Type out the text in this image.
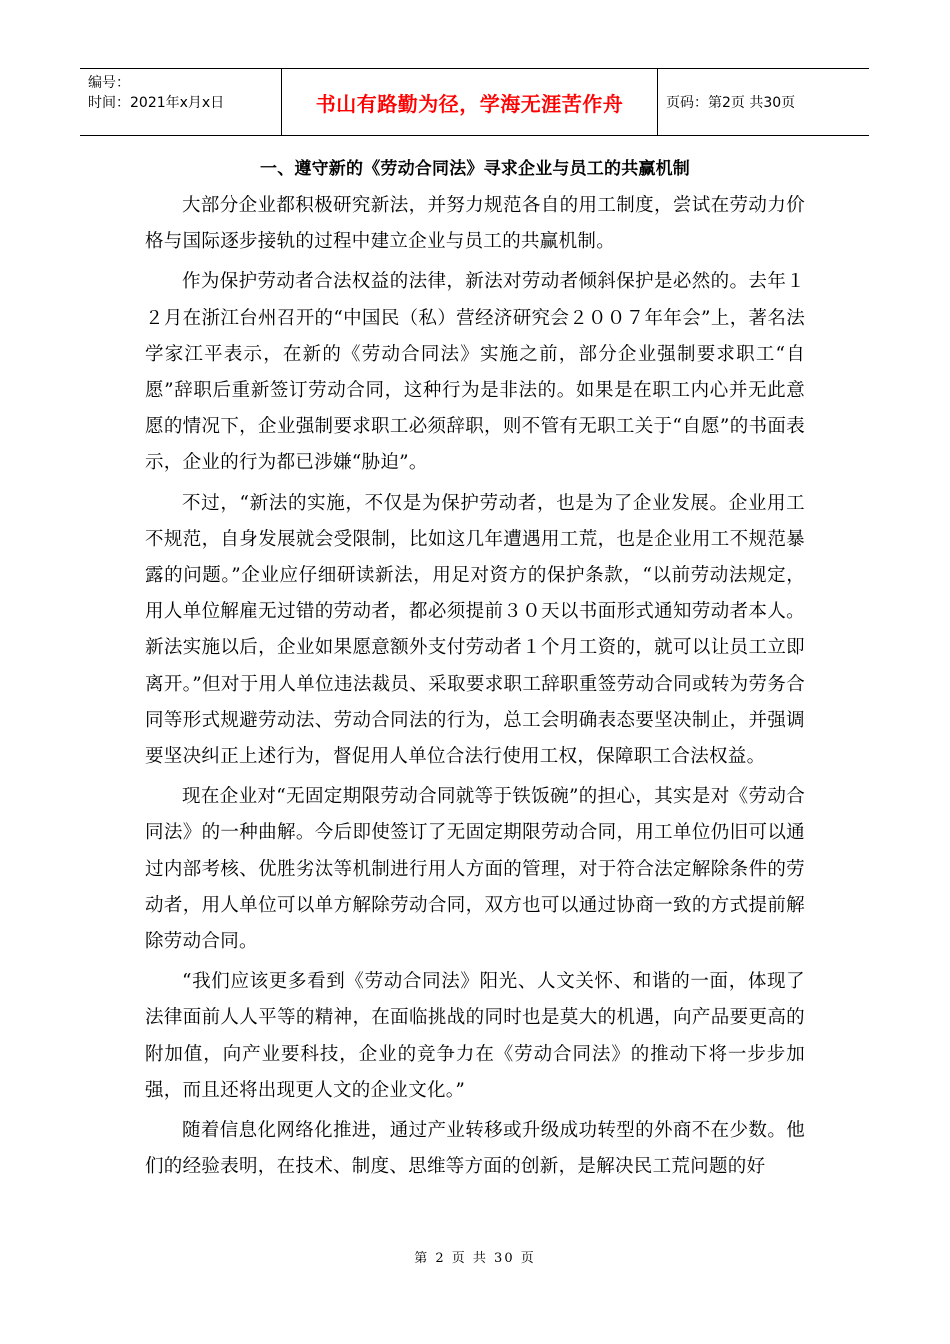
编号：
时间：2021年x月x日	书山有路勤为径，学海无涯苦作舟	页码：第2页 共30页
一、遵守新的《劳动合同法》寻求企业与员工的共赢机制

大部分企业都积极研究新法，并努力规范各自的用工制度，尝试在劳动力价格与国际逐步接轨的过程中建立企业与员工的共赢机制。

作为保护劳动者合法权益的法律，新法对劳动者倾斜保护是必然的。去年１２月在浙江台州召开的“中国民（私）营经济研究会２００７年年会”上，著名法学家江平表示，在新的《劳动合同法》实施之前，部分企业强制要求职工“自愿”辞职后重新签订劳动合同，这种行为是非法的。如果是在职工内心并无此意愿的情况下，企业强制要求职工必须辞职，则不管有无职工关于“自愿”的书面表示，企业的行为都已涉嫌“胁迫”。

不过，“新法的实施，不仅是为保护劳动者，也是为了企业发展。企业用工不规范，自身发展就会受限制，比如这几年遭遇用工荒，也是企业用工不规范暴露的问题。”企业应仔细研读新法，用足对资方的保护条款，“以前劳动法规定，用人单位解雇无过错的劳动者，都必须提前３０天以书面形式通知劳动者本人。新法实施以后，企业如果愿意额外支付劳动者１个月工资的，就可以让员工立即离开。”但对于用人单位违法裁员、采取要求职工辞职重签劳动合同或转为劳务合同等形式规避劳动法、劳动合同法的行为，总工会明确表态要坚决制止，并强调要坚决纠正上述行为，督促用人单位合法行使用工权，保障职工合法权益。

现在企业对“无固定期限劳动合同就等于铁饭碗”的担心，其实是对《劳动合同法》的一种曲解。今后即使签订了无固定期限劳动合同，用工单位仍旧可以通过内部考核、优胜劣汰等机制进行用人方面的管理，对于符合法定解除条件的劳动者，用人单位可以单方解除劳动合同，双方也可以通过协商一致的方式提前解除劳动合同。

“我们应该更多看到《劳动合同法》阳光、人文关怀、和谐的一面，体现了法律面前人人平等的精神，在面临挑战的同时也是莫大的机遇，向产品要更高的附加值，向产业要科技，企业的竞争力在《劳动合同法》的推动下将一步步加强，而且还将出现更人文的企业文化。”

随着信息化网络化推进，通过产业转移或升级成功转型的外商不在少数。他们的经验表明，在技术、制度、思维等方面的创新，是解决民工荒问题的好

第 2 页 共 30 页
